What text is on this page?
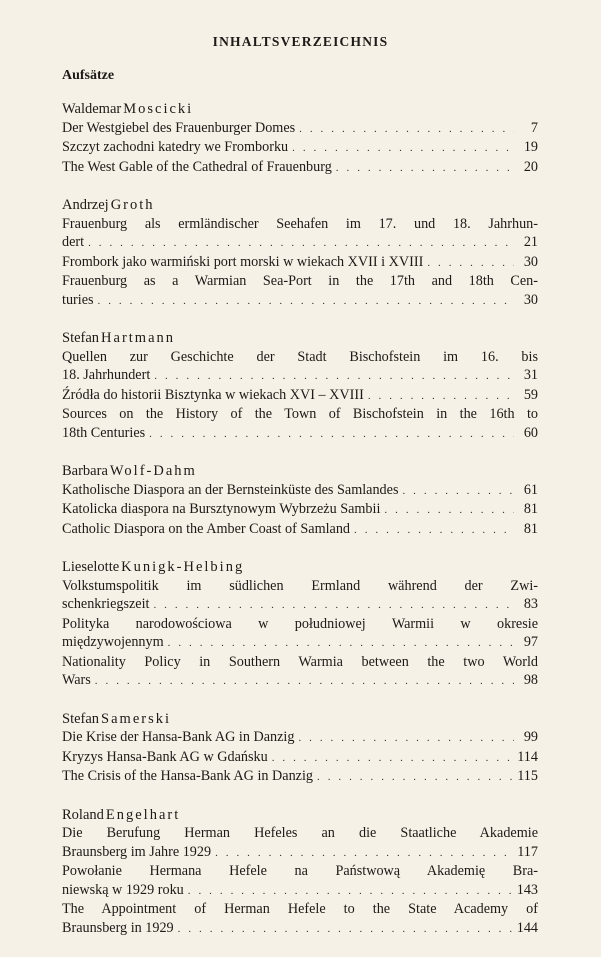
INHALTSVERZEICHNIS
Aufsätze
Waldemar Moscicki
Der Westgiebel des Frauenburger Domes . . .	7
Szczyt zachodni katedry we Fromborku . . .	19
The West Gable of the Cathedral of Frauenburg . . .	20
Andrzej Groth
Frauenburg als ermländischer Seehafen im 17. und 18. Jahrhun-
dert . . .	21
Frombork jako warmiński port morski w wiekach XVII i XVIII . . .	30
Frauenburg as a Warmian Sea-Port in the 17th and 18th Cen-
turies . . .	30
Stefan Hartmann
Quellen zur Geschichte der Stadt Bischofstein im 16. bis
18. Jahrhundert . . .	31
Źródła do historii Bisztynka w wiekach XVI – XVIII . . .	59
Sources on the History of the Town of Bischofstein in the 16th to
18th Centuries . . .	60
Barbara Wolf-Dahm
Katholische Diaspora an der Bernsteinküste des Samlandes . . .	61
Katolicka diaspora na Bursztynowym Wybrzeżu Sambii . . .	81
Catholic Diaspora on the Amber Coast of Samland . . .	81
Lieselotte Kunigk-Helbing
Volkstumspolitik im südlichen Ermland während der Zwi-
schenkriegszeit . . .	83
Polityka narodowościowa w południowej Warmii w okresie
międzywojennym . . .	97
Nationality Policy in Southern Warmia between the two World
Wars . . .	98
Stefan Samerski
Die Krise der Hansa-Bank AG in Danzig . . .	99
Kryzys Hansa-Bank AG w Gdańsku . . .	114
The Crisis of the Hansa-Bank AG in Danzig . . .	115
Roland Engelhart
Die Berufung Herman Hefeles an die Staatliche Akademie
Braunsberg im Jahre 1929 . . .	117
Powołanie Hermana Hefele na Państwową Akademię Bra-
niewską w 1929 roku . . .	143
The Appointment of Herman Hefele to the State Academy of
Braunsberg in 1929 . . .	144
